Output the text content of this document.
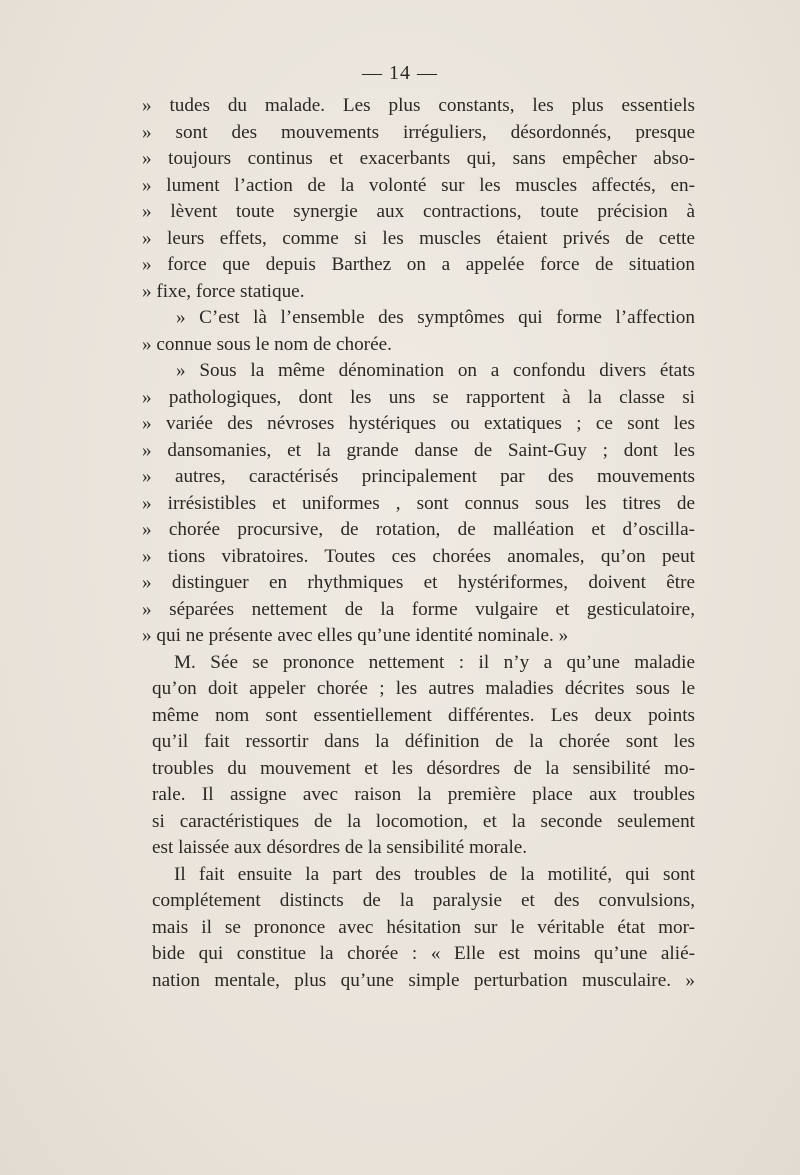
— 14 —
» tudes du malade. Les plus constants, les plus essentiels
» sont des mouvements irréguliers, désordonnés, presque
» toujours continus et exacerbants qui, sans empêcher abso-
» lument l’action de la volonté sur les muscles affectés, en-
» lèvent toute synergie aux contractions, toute précision à
» leurs effets, comme si les muscles étaient privés de cette
» force que depuis Barthez on a appelée force de situation
» fixe, force statique.
» C’est là l’ensemble des symptômes qui forme l’affection
» connue sous le nom de chorée.
» Sous la même dénomination on a confondu divers états
» pathologiques, dont les uns se rapportent à la classe si
» variée des névroses hystériques ou extatiques ; ce sont les
» dansomanies, et la grande danse de Saint-Guy ; dont les
» autres, caractérisés principalement par des mouvements
» irrésistibles et uniformes , sont connus sous les titres de
» chorée procursive, de rotation, de malléation et d’oscilla-
» tions vibratoires. Toutes ces chorées anomales, qu’on peut
» distinguer en rhythmiques et hystériformes, doivent être
» séparées nettement de la forme vulgaire et gesticulatoire,
» qui ne présente avec elles qu’une identité nominale. »
M. Sée se prononce nettement : il n’y a qu’une maladie
qu’on doit appeler chorée ; les autres maladies décrites sous le
même nom sont essentiellement différentes. Les deux points
qu’il fait ressortir dans la définition de la chorée sont les
troubles du mouvement et les désordres de la sensibilité mo-
rale. Il assigne avec raison la première place aux troubles
si caractéristiques de la locomotion, et la seconde seulement
est laissée aux désordres de la sensibilité morale.
Il fait ensuite la part des troubles de la motilité, qui sont
complétement distincts de la paralysie et des convulsions,
mais il se prononce avec hésitation sur le véritable état mor-
bide qui constitue la chorée : « Elle est moins qu’une alié-
nation mentale, plus qu’une simple perturbation musculaire. »
